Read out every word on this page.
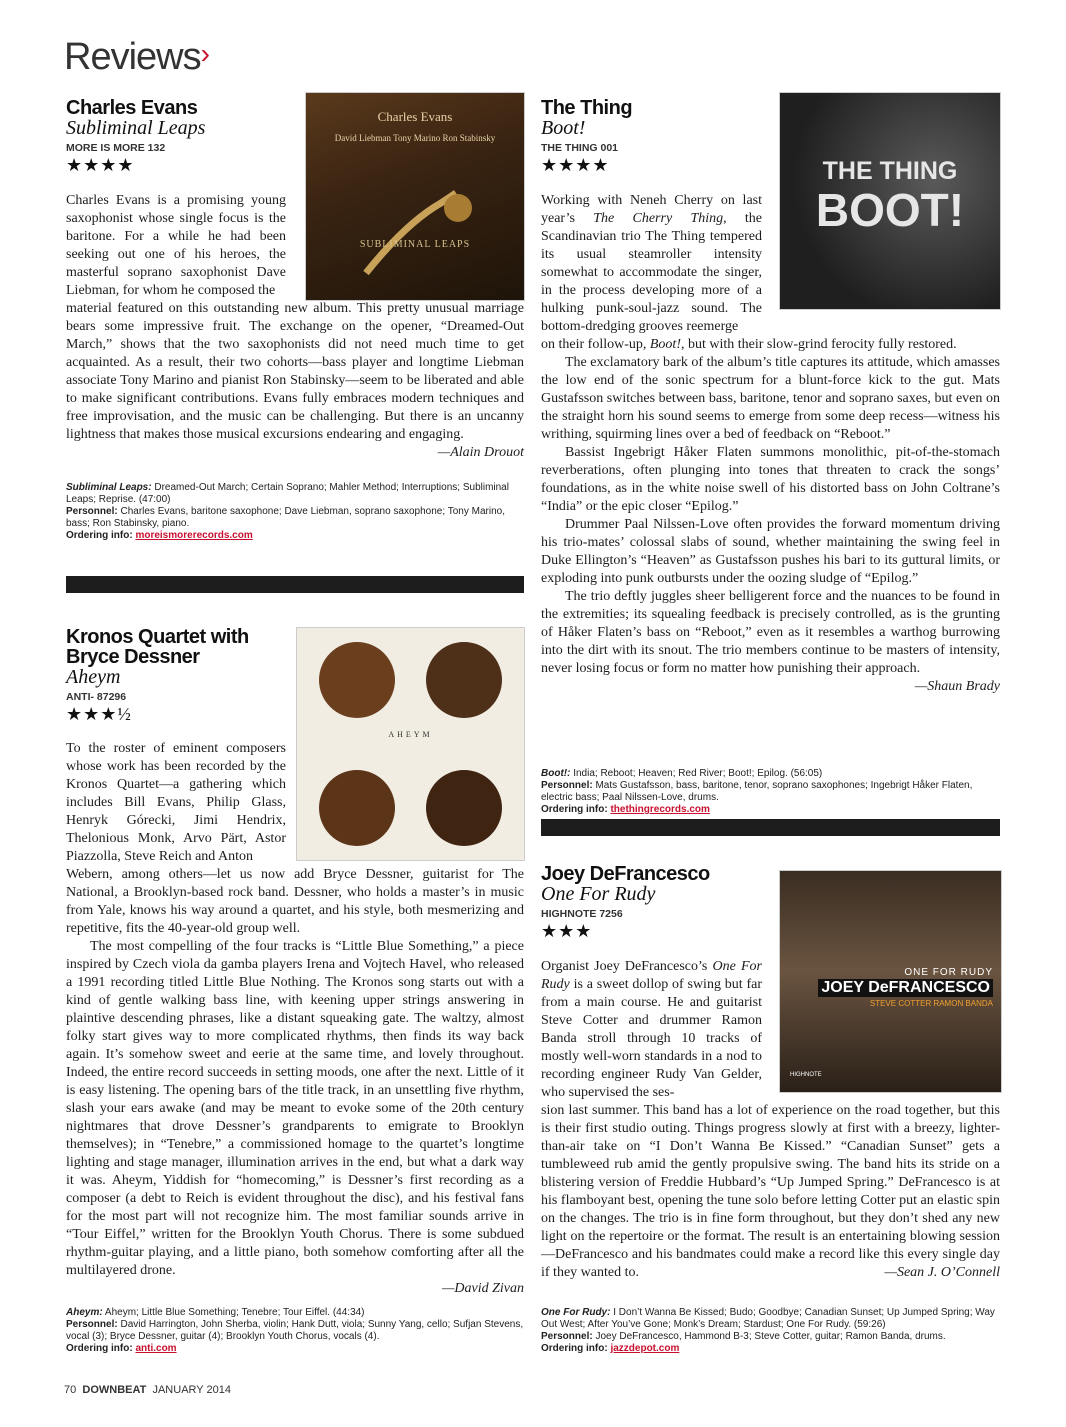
Reviews›
Charles Evans
Subliminal Leaps
MORE IS MORE 132
★★★★
Charles Evans
David Liebman Tony Marino Ron Stabinsky
SUBLIMINAL LEAPS

Charles Evans is a promising young saxophonist whose single focus is the baritone. For a while he had been seeking out one of his heroes, the masterful soprano saxophonist Dave Liebman, for whom he composed the

material featured on this outstanding new album. This pretty unusual marriage bears some impressive fruit. The exchange on the opener, “Dreamed-Out March,” shows that the two saxophonists did not need much time to get acquainted. As a result, their two cohorts—bass player and longtime Liebman associate Tony Marino and pianist Ron Stabinsky—seem to be liberated and able to make significant contributions. Evans fully embraces modern techniques and free improvisation, and the music can be challenging. But there is an uncanny lightness that makes those musical excursions endearing and engaging.
—Alain Drouot

Subliminal Leaps: Dreamed-Out March; Certain Soprano; Mahler Method; Interruptions; Subliminal Leaps; Reprise. (47:00)
Personnel: Charles Evans, baritone saxophone; Dave Liebman, soprano saxophone; Tony Marino, bass; Ron Stabinsky, piano.
Ordering info: moreismorerecords.com
Kronos Quartet with Bryce Dessner
Aheym
ANTI- 87296
★★★½
AHEYM

To the roster of eminent composers whose work has been recorded by the Kronos Quartet—a gathering which includes Bill Evans, Philip Glass, Henryk Górecki, Jimi Hendrix, Thelonious Monk, Arvo Pärt, Astor Piazzolla, Steve Reich and Anton

Webern, among others—let us now add Bryce Dessner, guitarist for The National, a Brooklyn-based rock band. Dessner, who holds a master’s in music from Yale, knows his way around a quartet, and his style, both mesmerizing and repetitive, fits the 40-year-old group well.

The most compelling of the four tracks is “Little Blue Something,” a piece inspired by Czech viola da gamba players Irena and Vojtech Havel, who released a 1991 recording titled Little Blue Nothing. The Kronos song starts out with a kind of gentle walking bass line, with keening upper strings answering in plaintive descending phrases, like a distant squeaking gate. The waltzy, almost folky start gives way to more complicated rhythms, then finds its way back again. It’s somehow sweet and eerie at the same time, and lovely throughout. Indeed, the entire record succeeds in setting moods, one after the next. Little of it is easy listening. The opening bars of the title track, in an unsettling five rhythm, slash your ears awake (and may be meant to evoke some of the 20th century nightmares that drove Dessner’s grandparents to emigrate to Brooklyn themselves); in “Tenebre,” a commissioned homage to the quartet’s longtime lighting and stage manager, illumination arrives in the end, but what a dark way it was. Aheym, Yiddish for “homecoming,” is Dessner’s first recording as a composer (a debt to Reich is evident throughout the disc), and his festival fans for the most part will not recognize him. The most familiar sounds arrive in “Tour Eiffel,” written for the Brooklyn Youth Chorus. There is some subdued rhythm-guitar playing, and a little piano, both somehow comforting after all the multilayered drone.

—David Zivan
Aheym: Aheym; Little Blue Something; Tenebre; Tour Eiffel. (44:34)
Personnel: David Harrington, John Sherba, violin; Hank Dutt, viola; Sunny Yang, cello; Sufjan Stevens, vocal (3); Bryce Dessner, guitar (4); Brooklyn Youth Chorus, vocals (4).
Ordering info: anti.com
The Thing
Boot!
THE THING 001
★★★★	THE THING
BOOT!

Working with Neneh Cherry on last year’s The Cherry Thing, the Scandinavian trio The Thing tempered its usual steamroller intensity somewhat to accommodate the singer, in the process developing more of a hulking punk-soul-jazz sound. The bottom-dredging grooves reemerge

on their follow-up, Boot!, but with their slow-grind ferocity fully restored.

The exclamatory bark of the album’s title captures its attitude, which amasses the low end of the sonic spectrum for a blunt-force kick to the gut. Mats Gustafsson switches between bass, baritone, tenor and soprano saxes, but even on the straight horn his sound seems to emerge from some deep recess—witness his writhing, squirming lines over a bed of feedback on “Reboot.”

Bassist Ingebrigt Håker Flaten summons monolithic, pit-of-the-stomach reverberations, often plunging into tones that threaten to crack the songs’ foundations, as in the white noise swell of his distorted bass on John Coltrane’s “India” or the epic closer “Epilog.”

Drummer Paal Nilssen-Love often provides the forward momentum driving his trio-mates’ colossal slabs of sound, whether maintaining the swing feel in Duke Ellington’s “Heaven” as Gustafsson pushes his bari to its guttural limits, or exploding into punk outbursts under the oozing sludge of “Epilog.”

The trio deftly juggles sheer belligerent force and the nuances to be found in the extremities; its squealing feedback is precisely controlled, as is the grunting of Håker Flaten’s bass on “Reboot,” even as it resembles a warthog burrowing into the dirt with its snout. The trio members continue to be masters of intensity, never losing focus or form no matter how punishing their approach.

—Shaun Brady
Boot!: India; Reboot; Heaven; Red River; Boot!; Epilog. (56:05)
Personnel: Mats Gustafsson, bass, baritone, tenor, soprano saxophones; Ingebrigt Håker Flaten, electric bass; Paal Nilssen-Love, drums.
Ordering info: thethingrecords.com
Joey DeFrancesco
One For Rudy
HIGHNOTE 7256
★★★
ONE FOR RUDY
JOEY DeFRANCESCO
STEVE COTTER RAMON BANDA
HIGHNOTE

Organist Joey DeFrancesco’s One For Rudy is a sweet dollop of swing but far from a main course. He and guitarist Steve Cotter and drummer Ramon Banda stroll through 10 tracks of mostly well-worn standards in a nod to recording engineer Rudy Van Gelder, who supervised the ses-

sion last summer. This band has a lot of experience on the road together, but this is their first studio outing. Things progress slowly at first with a breezy, lighter-than-air take on “I Don’t Wanna Be Kissed.” “Canadian Sunset” gets a tumbleweed rub amid the gently propulsive swing. The band hits its stride on a blistering version of Freddie Hubbard’s “Up Jumped Spring.” DeFrancesco is at his flamboyant best, opening the tune solo before letting Cotter put an elastic spin on the changes. The trio is in fine form throughout, but they don’t shed any new light on the repertoire or the format. The result is an entertaining blowing session—DeFrancesco and his bandmates could make a record like this every single day if they wanted to.	—Sean J. O’Connell

One For Rudy: I Don’t Wanna Be Kissed; Budo; Goodbye; Canadian Sunset; Up Jumped Spring; Way Out West; After You’ve Gone; Monk’s Dream; Stardust; One For Rudy. (59:26)
Personnel: Joey DeFrancesco, Hammond B-3; Steve Cotter, guitar; Ramon Banda, drums.
Ordering info: jazzdepot.com
70 DOWNBEAT JANUARY 2014
